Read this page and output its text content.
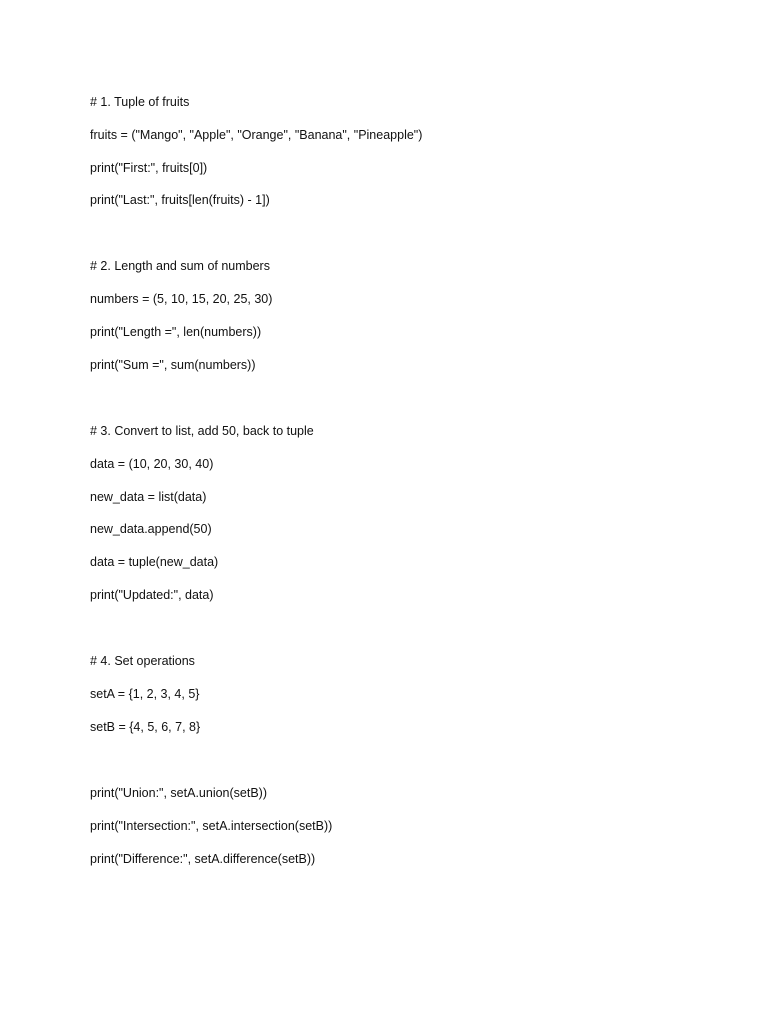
# 1. Tuple of fruits

fruits = ("Mango", "Apple", "Orange", "Banana", "Pineapple")

print("First:", fruits[0])

print("Last:", fruits[len(fruits) - 1])

# 2. Length and sum of numbers

numbers = (5, 10, 15, 20, 25, 30)

print("Length =", len(numbers))

print("Sum =", sum(numbers))

# 3. Convert to list, add 50, back to tuple

data = (10, 20, 30, 40)

new_data = list(data)

new_data.append(50)

data = tuple(new_data)

print("Updated:", data)

# 4. Set operations

setA = {1, 2, 3, 4, 5}

setB = {4, 5, 6, 7, 8}

print("Union:", setA.union(setB))

print("Intersection:", setA.intersection(setB))

print("Difference:", setA.difference(setB))
